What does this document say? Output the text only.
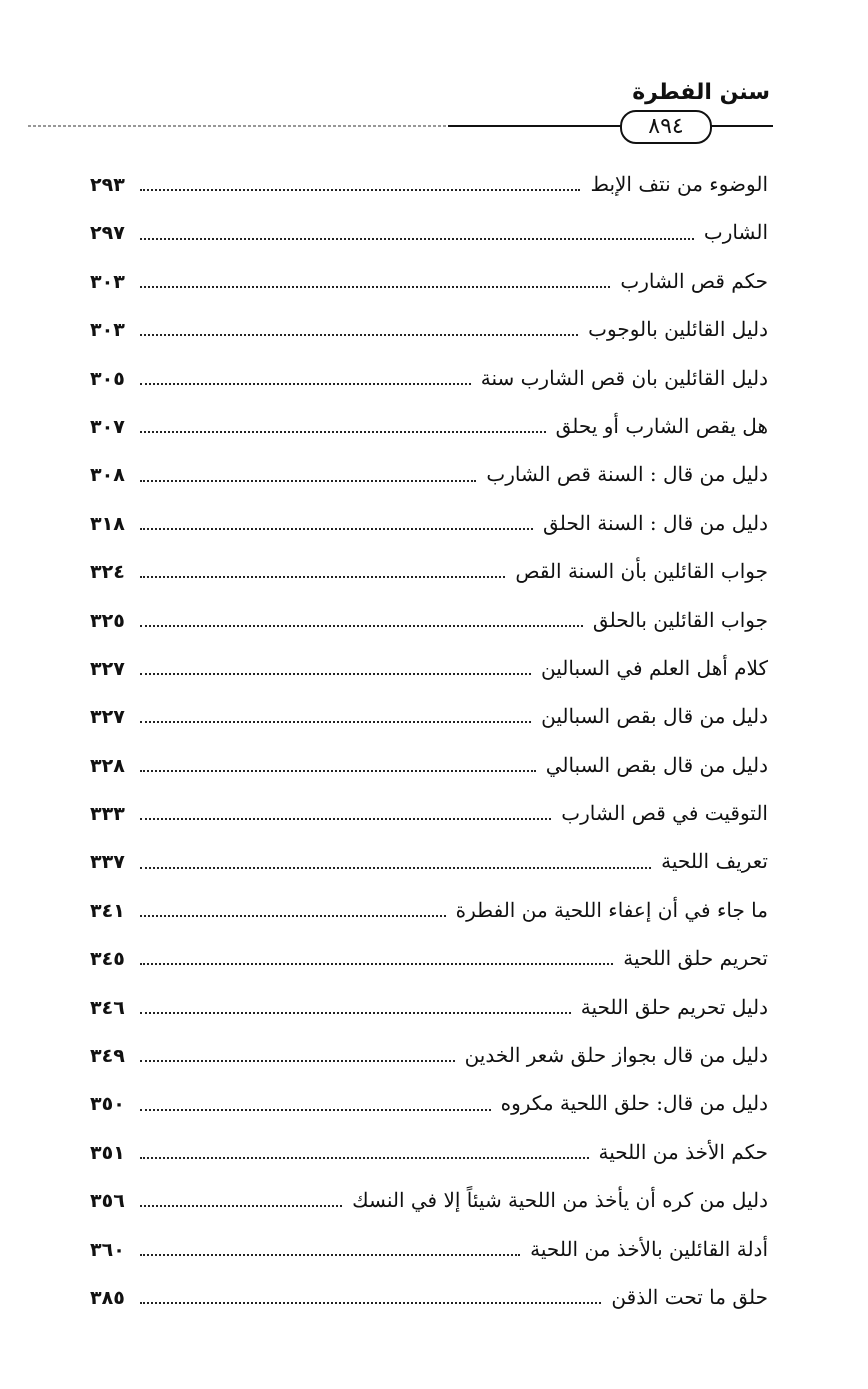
سنن الفطرة
٨٩٤
الوضوء من نتف الإبط
٢٩٣
الشارب
٢٩٧
حكم قص الشارب
٣٠٣
دليل القائلين بالوجوب
٣٠٣
دليل القائلين بان قص الشارب سنة
٣٠٥
هل يقص الشارب أو يحلق
٣٠٧
دليل من قال : السنة قص الشارب
٣٠٨
دليل من قال : السنة الحلق
٣١٨
جواب القائلين بأن السنة القص
٣٢٤
جواب القائلين بالحلق
٣٢٥
كلام أهل العلم في السبالين
٣٢٧
دليل من قال بقص السبالين
٣٢٧
دليل من قال بقص السبالي
٣٢٨
التوقيت في قص الشارب
٣٣٣
تعريف اللحية
٣٣٧
ما جاء في أن إعفاء اللحية من الفطرة
٣٤١
تحريم حلق اللحية
٣٤٥
دليل تحريم حلق اللحية
٣٤٦
دليل من قال بجواز حلق شعر الخدين
٣٤٩
دليل من قال: حلق اللحية مكروه
٣٥٠
حكم الأخذ من اللحية
٣٥١
دليل من كره أن يأخذ من اللحية شيئاً إلا في النسك
٣٥٦
أدلة القائلين بالأخذ من اللحية
٣٦٠
حلق ما تحت الذقن
٣٨٥
